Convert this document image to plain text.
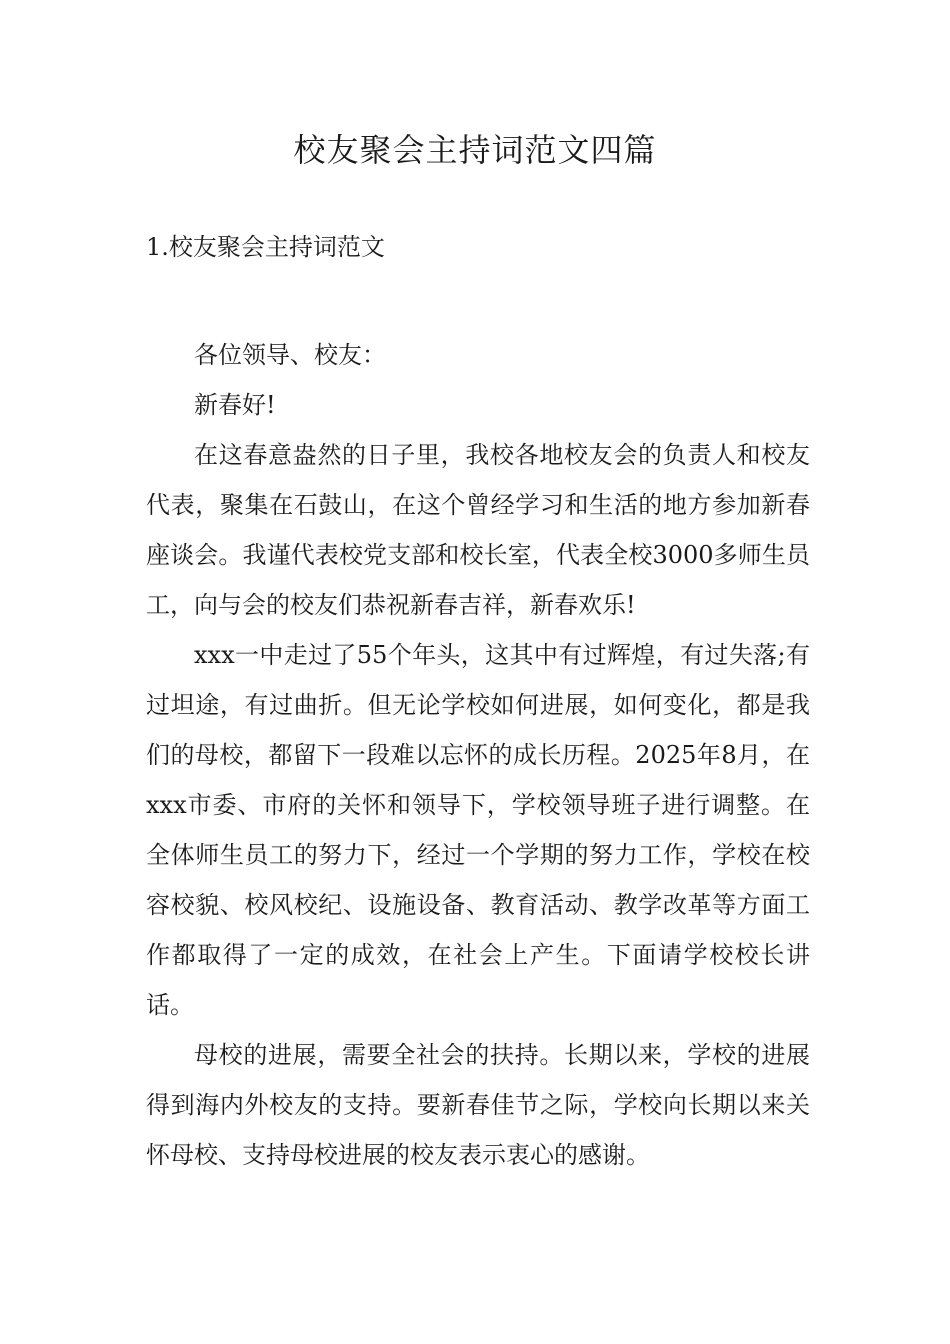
校友聚会主持词范文四篇
1.校友聚会主持词范文

各位领导、校友：

新春好!

在这春意盎然的日子里，我校各地校友会的负责人和校友代表，聚集在石鼓山，在这个曾经学习和生活的地方参加新春座谈会。我谨代表校党支部和校长室，代表全校3000多师生员工，向与会的校友们恭祝新春吉祥，新春欢乐!

xxx一中走过了55个年头，这其中有过辉煌，有过失落;有过坦途，有过曲折。但无论学校如何进展，如何变化，都是我们的母校，都留下一段难以忘怀的成长历程。2025年8月，在xxx市委、市府的关怀和领导下，学校领导班子进行调整。在全体师生员工的努力下，经过一个学期的努力工作，学校在校容校貌、校风校纪、设施设备、教育活动、教学改革等方面工作都取得了一定的成效，在社会上产生。下面请学校校长讲话。

母校的进展，需要全社会的扶持。长期以来，学校的进展得到海内外校友的支持。要新春佳节之际，学校向长期以来关怀母校、支持母校进展的校友表示衷心的感谢。
